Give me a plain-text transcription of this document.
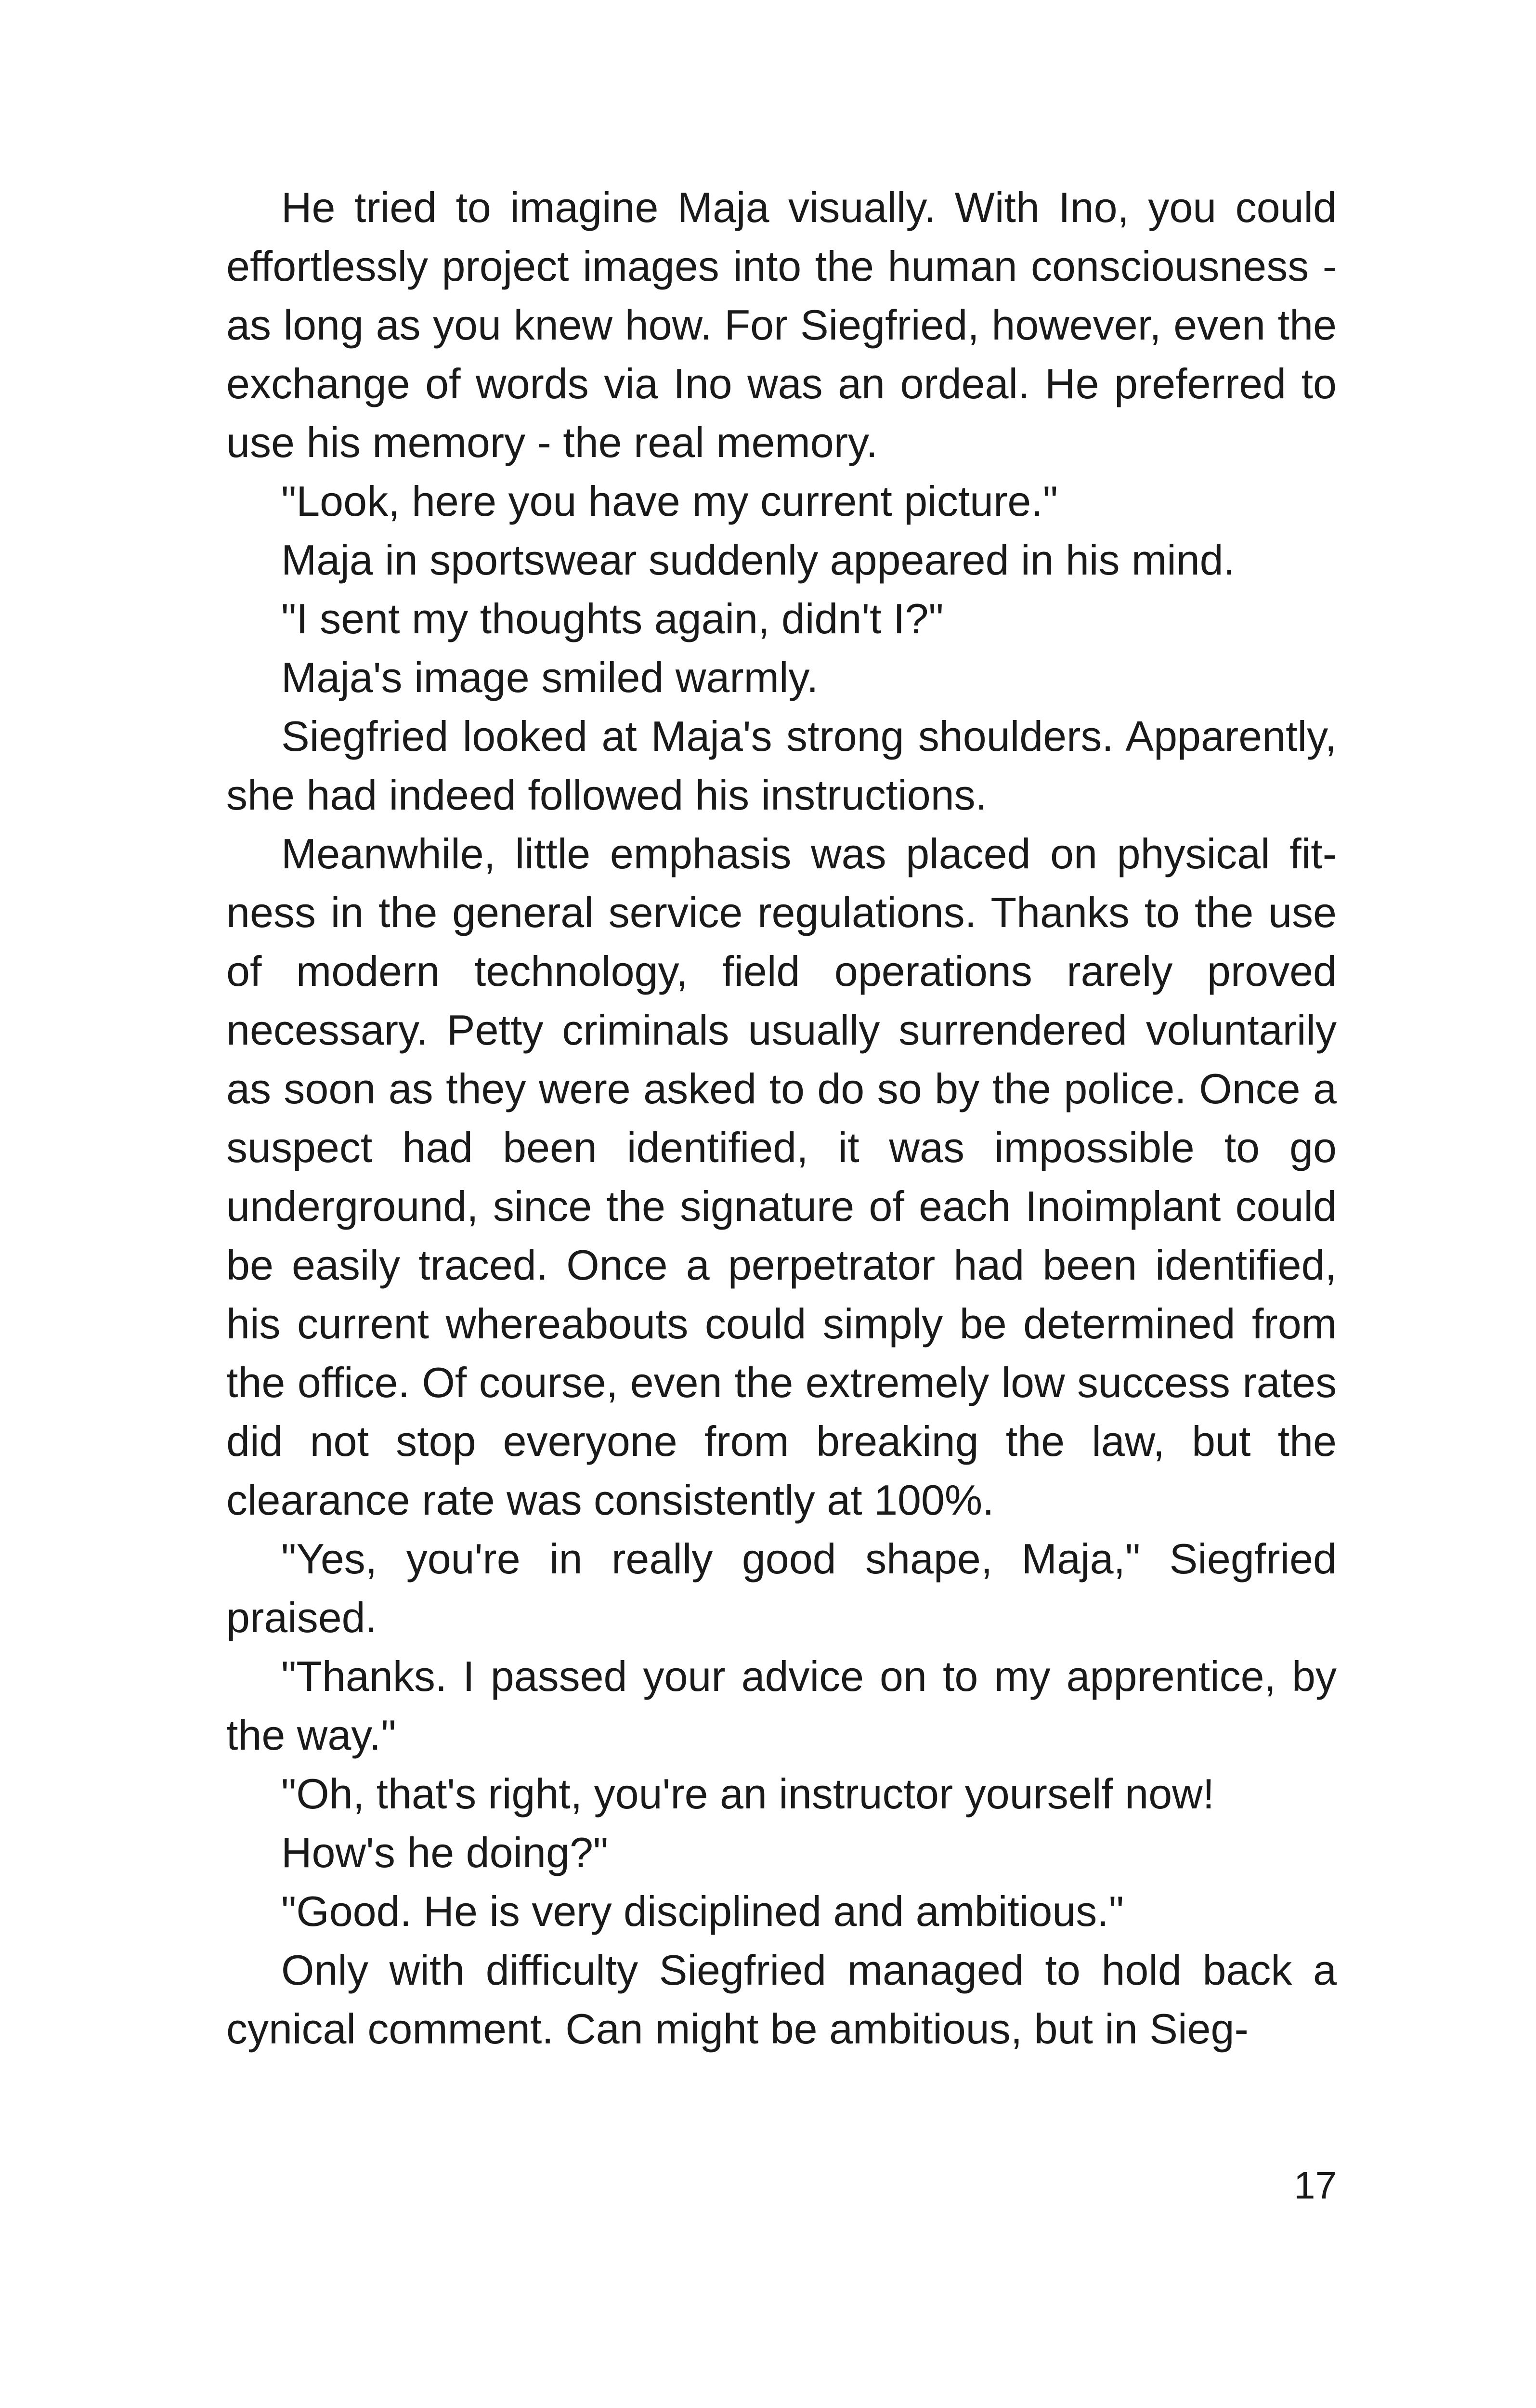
He tried to imagine Maja visually. With Ino, you could effortlessly project images into the human consciousness - as long as you knew how. For Siegfried, however, even the exchange of words via Ino was an ordeal. He preferred to use his memory - the real memory.

"Look, here you have my current picture."

Maja in sportswear suddenly appeared in his mind.

"I sent my thoughts again, didn't I?"

Maja's image smiled warmly.

Siegfried looked at Maja's strong shoulders. Apparently, she had indeed followed his instructions.

Meanwhile, little emphasis was placed on physical fitness in the general service regulations. Thanks to the use of modern technology, field operations rarely proved necessary. Petty criminals usually surrendered voluntarily as soon as they were asked to do so by the police. Once a suspect had been identified, it was impossible to go underground, since the signature of each Inoimplant could be easily traced. Once a perpetrator had been identified, his current whereabouts could simply be determined from the office. Of course, even the extremely low success rates did not stop everyone from breaking the law, but the clearance rate was consistently at 100%.

"Yes, you're in really good shape, Maja," Siegfried praised.

"Thanks. I passed your advice on to my apprentice, by the way."

"Oh, that's right, you're an instructor yourself now!

How's he doing?"

"Good. He is very disciplined and ambitious."

Only with difficulty Siegfried managed to hold back a cynical comment. Can might be ambitious, but in Sieg-

17
